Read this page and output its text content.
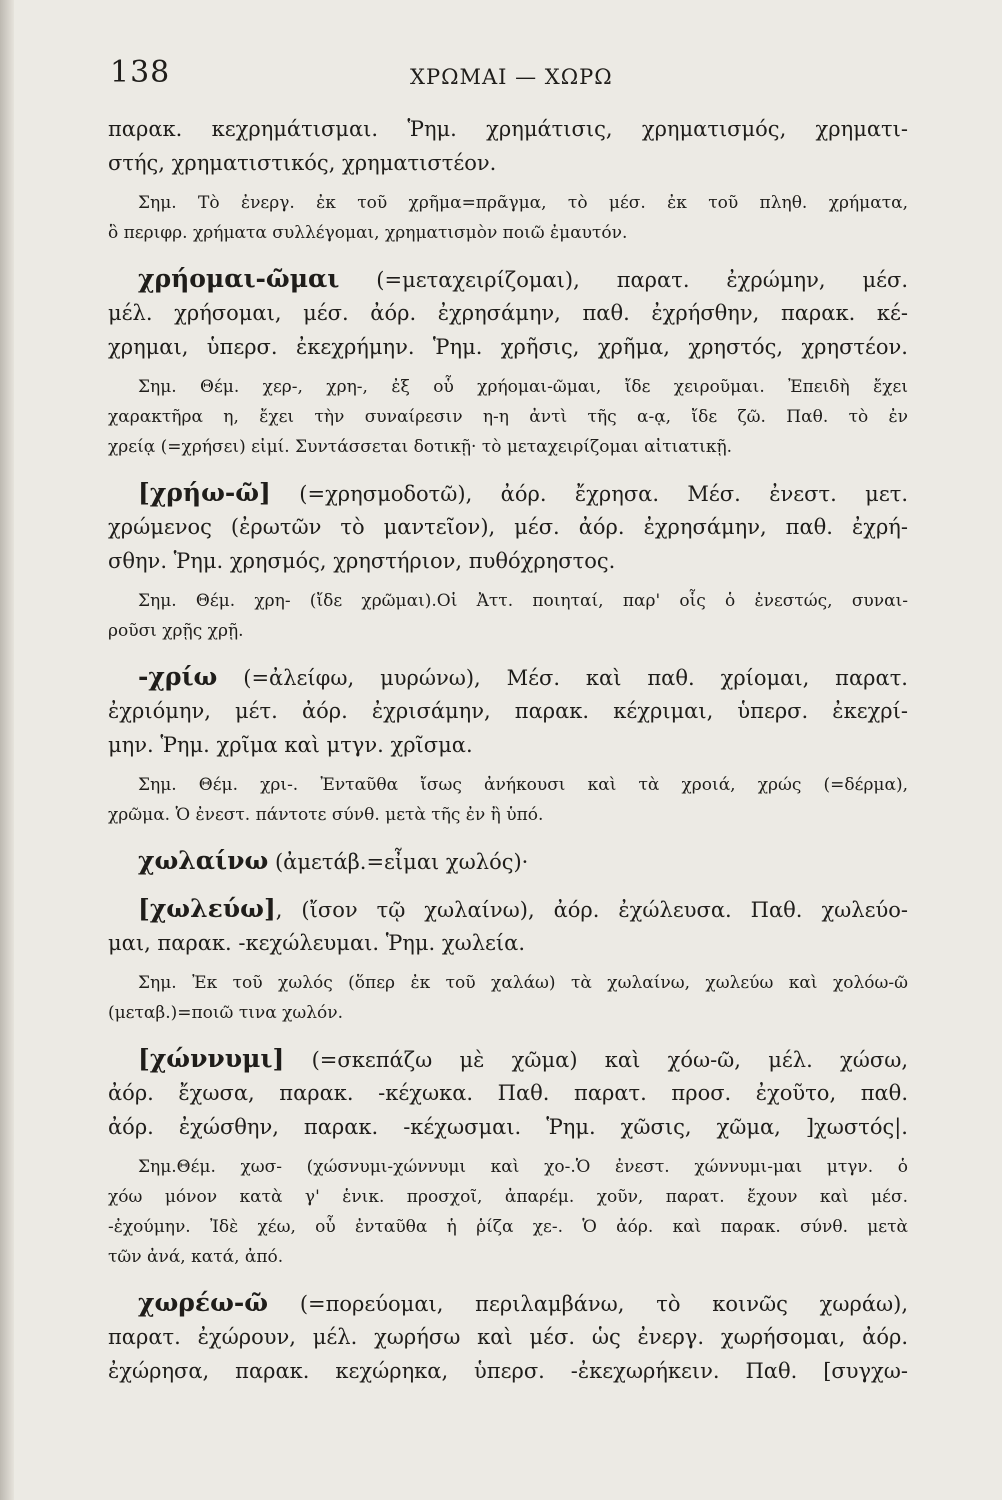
138	ΧΡΩΜΑΙ — ΧΩΡΩ
παρακ. κεχρημάτισμαι. Ῥημ. χρημάτισις, χρηματισμός, χρηματι-
στής, χρηματιστικός, χρηματιστέον.
Σημ. Τὸ ἐνεργ. ἐκ τοῦ χρῆμα=πρᾶγμα, τὸ μέσ. ἐκ τοῦ πληθ. χρήματα,
ὃ περιφρ. χρήματα συλλέγομαι, χρηματισμὸν ποιῶ ἐμαυτόν.
χρήομαι-ῶμαι (=μεταχειρίζομαι), παρατ. ἐχρώμην, μέσ.
μέλ. χρήσομαι, μέσ. ἀόρ. ἐχρησάμην, παθ. ἐχρήσθην, παρακ. κέ-
χρημαι, ὑπερσ. ἐκεχρήμην. Ῥημ. χρῆσις, χρῆμα, χρηστός, χρηστέον.
Σημ. Θέμ. χερ-, χρη-, ἐξ οὗ χρήομαι-ῶμαι, ἴδε χειροῦμαι. Ἐπειδὴ ἔχει
χαρακτῆρα η, ἔχει τὴν συναίρεσιν η-η ἀντὶ τῆς α-ᾳ, ἴδε ζῶ. Παθ. τὸ ἐν
χρείᾳ (=χρήσει) εἰμί. Συντάσσεται δοτικῇ· τὸ μεταχειρίζομαι αἰτιατικῇ.
[χρήω-ῶ] (=χρησμοδοτῶ), ἀόρ. ἔχρησα. Μέσ. ἐνεστ. μετ.
χρώμενος (ἐρωτῶν τὸ μαντεῖον), μέσ. ἀόρ. ἐχρησάμην, παθ. ἐχρή-
σθην. Ῥημ. χρησμός, χρηστήριον, πυθόχρηστος.
Σημ. Θέμ. χρη- (ἴδε χρῶμαι).Οἱ Ἀττ. ποιηταί, παρ' οἷς ὁ ἐνεστώς, συναι-
ροῦσι χρῇς χρῇ.
-χρίω (=ἀλείφω, μυρώνω), Μέσ. καὶ παθ. χρίομαι, παρατ.
ἐχριόμην, μέτ. ἀόρ. ἐχρισάμην, παρακ. κέχριμαι, ὑπερσ. ἐκεχρί-
μην. Ῥημ. χρῖμα καὶ μτγν. χρῖσμα.
Σημ. Θέμ. χρι-. Ἐνταῦθα ἴσως ἀνήκουσι καὶ τὰ χροιά, χρώς (=δέρμα),
χρῶμα. Ὁ ἐνεστ. πάντοτε σύνθ. μετὰ τῆς ἐν ἢ ὑπό.
χωλαίνω (ἀμετάβ.=εἶμαι χωλός)·
[χωλεύω], (ἴσον τῷ χωλαίνω), ἀόρ. ἐχώλευσα. Παθ. χωλεύο-
μαι, παρακ. -κεχώλευμαι. Ῥημ. χωλεία.
Σημ. Ἐκ τοῦ χωλός (ὅπερ ἐκ τοῦ χαλάω) τὰ χωλαίνω, χωλεύω καὶ χολόω-ῶ
(μεταβ.)=ποιῶ τινα χωλόν.
[χώννυμι] (=σκεπάζω μὲ χῶμα) καὶ χόω-ῶ, μέλ. χώσω,
ἀόρ. ἔχωσα, παρακ. -κέχωκα. Παθ. παρατ. προσ. ἐχοῦτο, παθ.
ἀόρ. ἐχώσθην, παρακ. -κέχωσμαι. Ῥημ. χῶσις, χῶμα, ]χωστός|.
Σημ.Θέμ. χωσ- (χώσνυμι-χώννυμι καὶ χο-.Ὁ ἐνεστ. χώννυμι-μαι μτγν. ὁ
χόω μόνον κατὰ γ' ἑνικ. προσχοῖ, ἀπαρέμ. χοῦν, παρατ. ἔχουν καὶ μέσ.
-ἐχούμην. Ἰδὲ χέω, οὗ ἐνταῦθα ἡ ῥίζα χε-. Ὁ ἀόρ. καὶ παρακ. σύνθ. μετὰ
τῶν ἀνά, κατά, ἀπό.
χωρέω-ῶ (=πορεύομαι, περιλαμβάνω, τὸ κοινῶς χωράω),
παρατ. ἐχώρουν, μέλ. χωρήσω καὶ μέσ. ὡς ἐνεργ. χωρήσομαι, ἀόρ.
ἐχώρησα, παρακ. κεχώρηκα, ὑπερσ. -ἐκεχωρήκειν. Παθ. [συγχω-
